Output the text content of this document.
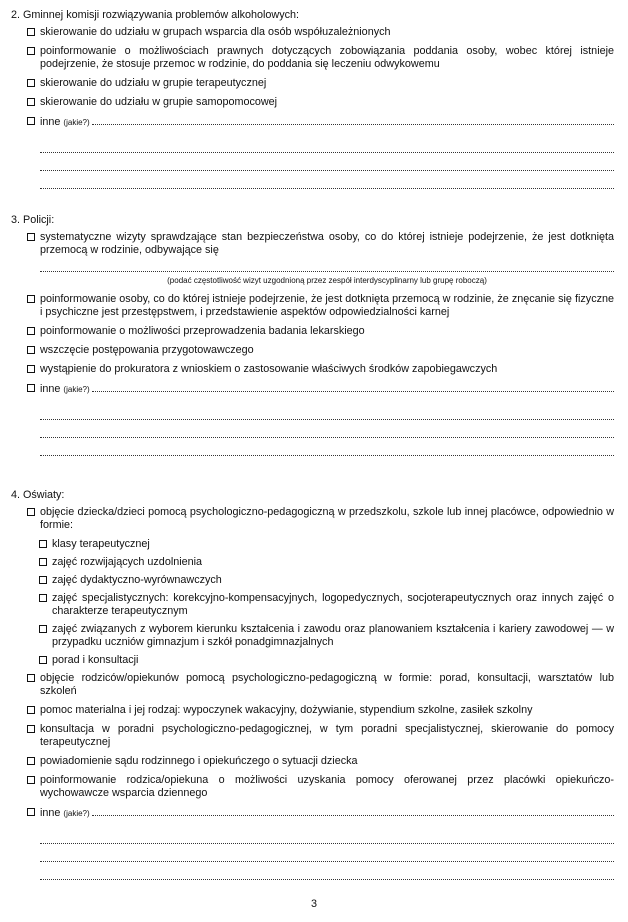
2. Gminnej komisji rozwiązywania problemów alkoholowych:
skierowanie do udziału w grupach wsparcia dla osób współuzależnionych
poinformowanie o możliwościach prawnych dotyczących zobowiązania poddania osoby, wobec której istnieje podejrzenie, że stosuje przemoc w rodzinie, do poddania się leczeniu odwykowemu
skierowanie do udziału w grupie terapeutycznej
skierowanie do udziału w grupie samopomocowej
inne
(jakie?)
3. Policji:
systematyczne wizyty sprawdzające stan bezpieczeństwa osoby, co do której istnieje podejrzenie, że jest dotknięta przemocą w rodzinie, odbywające się
(podać częstotliwość wizyt uzgodnioną przez zespół interdyscyplinarny lub grupę roboczą)
poinformowanie osoby, co do której istnieje podejrzenie, że jest dotknięta przemocą w rodzinie, że znęcanie się fizyczne i psychiczne jest przestępstwem, i przedstawienie aspektów odpowiedzialności karnej
poinformowanie o możliwości przeprowadzenia badania lekarskiego
wszczęcie postępowania przygotowawczego
wystąpienie do prokuratora z wnioskiem o zastosowanie właściwych środków zapobiegawczych
inne
(jakie?)
4. Oświaty:
objęcie dziecka/dzieci pomocą psychologiczno-pedagogiczną w przedszkolu, szkole lub innej placówce, odpowiednio w formie:
klasy terapeutycznej
zajęć rozwijających uzdolnienia
zajęć dydaktyczno-wyrównawczych
zajęć specjalistycznych: korekcyjno-kompensacyjnych, logopedycznych, socjoterapeutycznych oraz innych zajęć o charakterze terapeutycznym
zajęć związanych z wyborem kierunku kształcenia i zawodu oraz planowaniem kształcenia i kariery zawodowej — w przypadku uczniów gimnazjum i szkół ponadgimnazjalnych
porad i konsultacji
objęcie rodziców/opiekunów pomocą psychologiczno-pedagogiczną w formie: porad, konsultacji, warsztatów lub szkoleń
pomoc materialna i jej rodzaj: wypoczynek wakacyjny, dożywianie, stypendium szkolne, zasiłek szkolny
konsultacja w poradni psychologiczno-pedagogicznej, w tym poradni specjalistycznej, skierowanie do pomocy terapeutycznej
powiadomienie sądu rodzinnego i opiekuńczego o sytuacji dziecka
poinformowanie rodzica/opiekuna o możliwości uzyskania pomocy oferowanej przez placówki opiekuńczo-wychowawcze wsparcia dziennego
inne
(jakie?)
3
